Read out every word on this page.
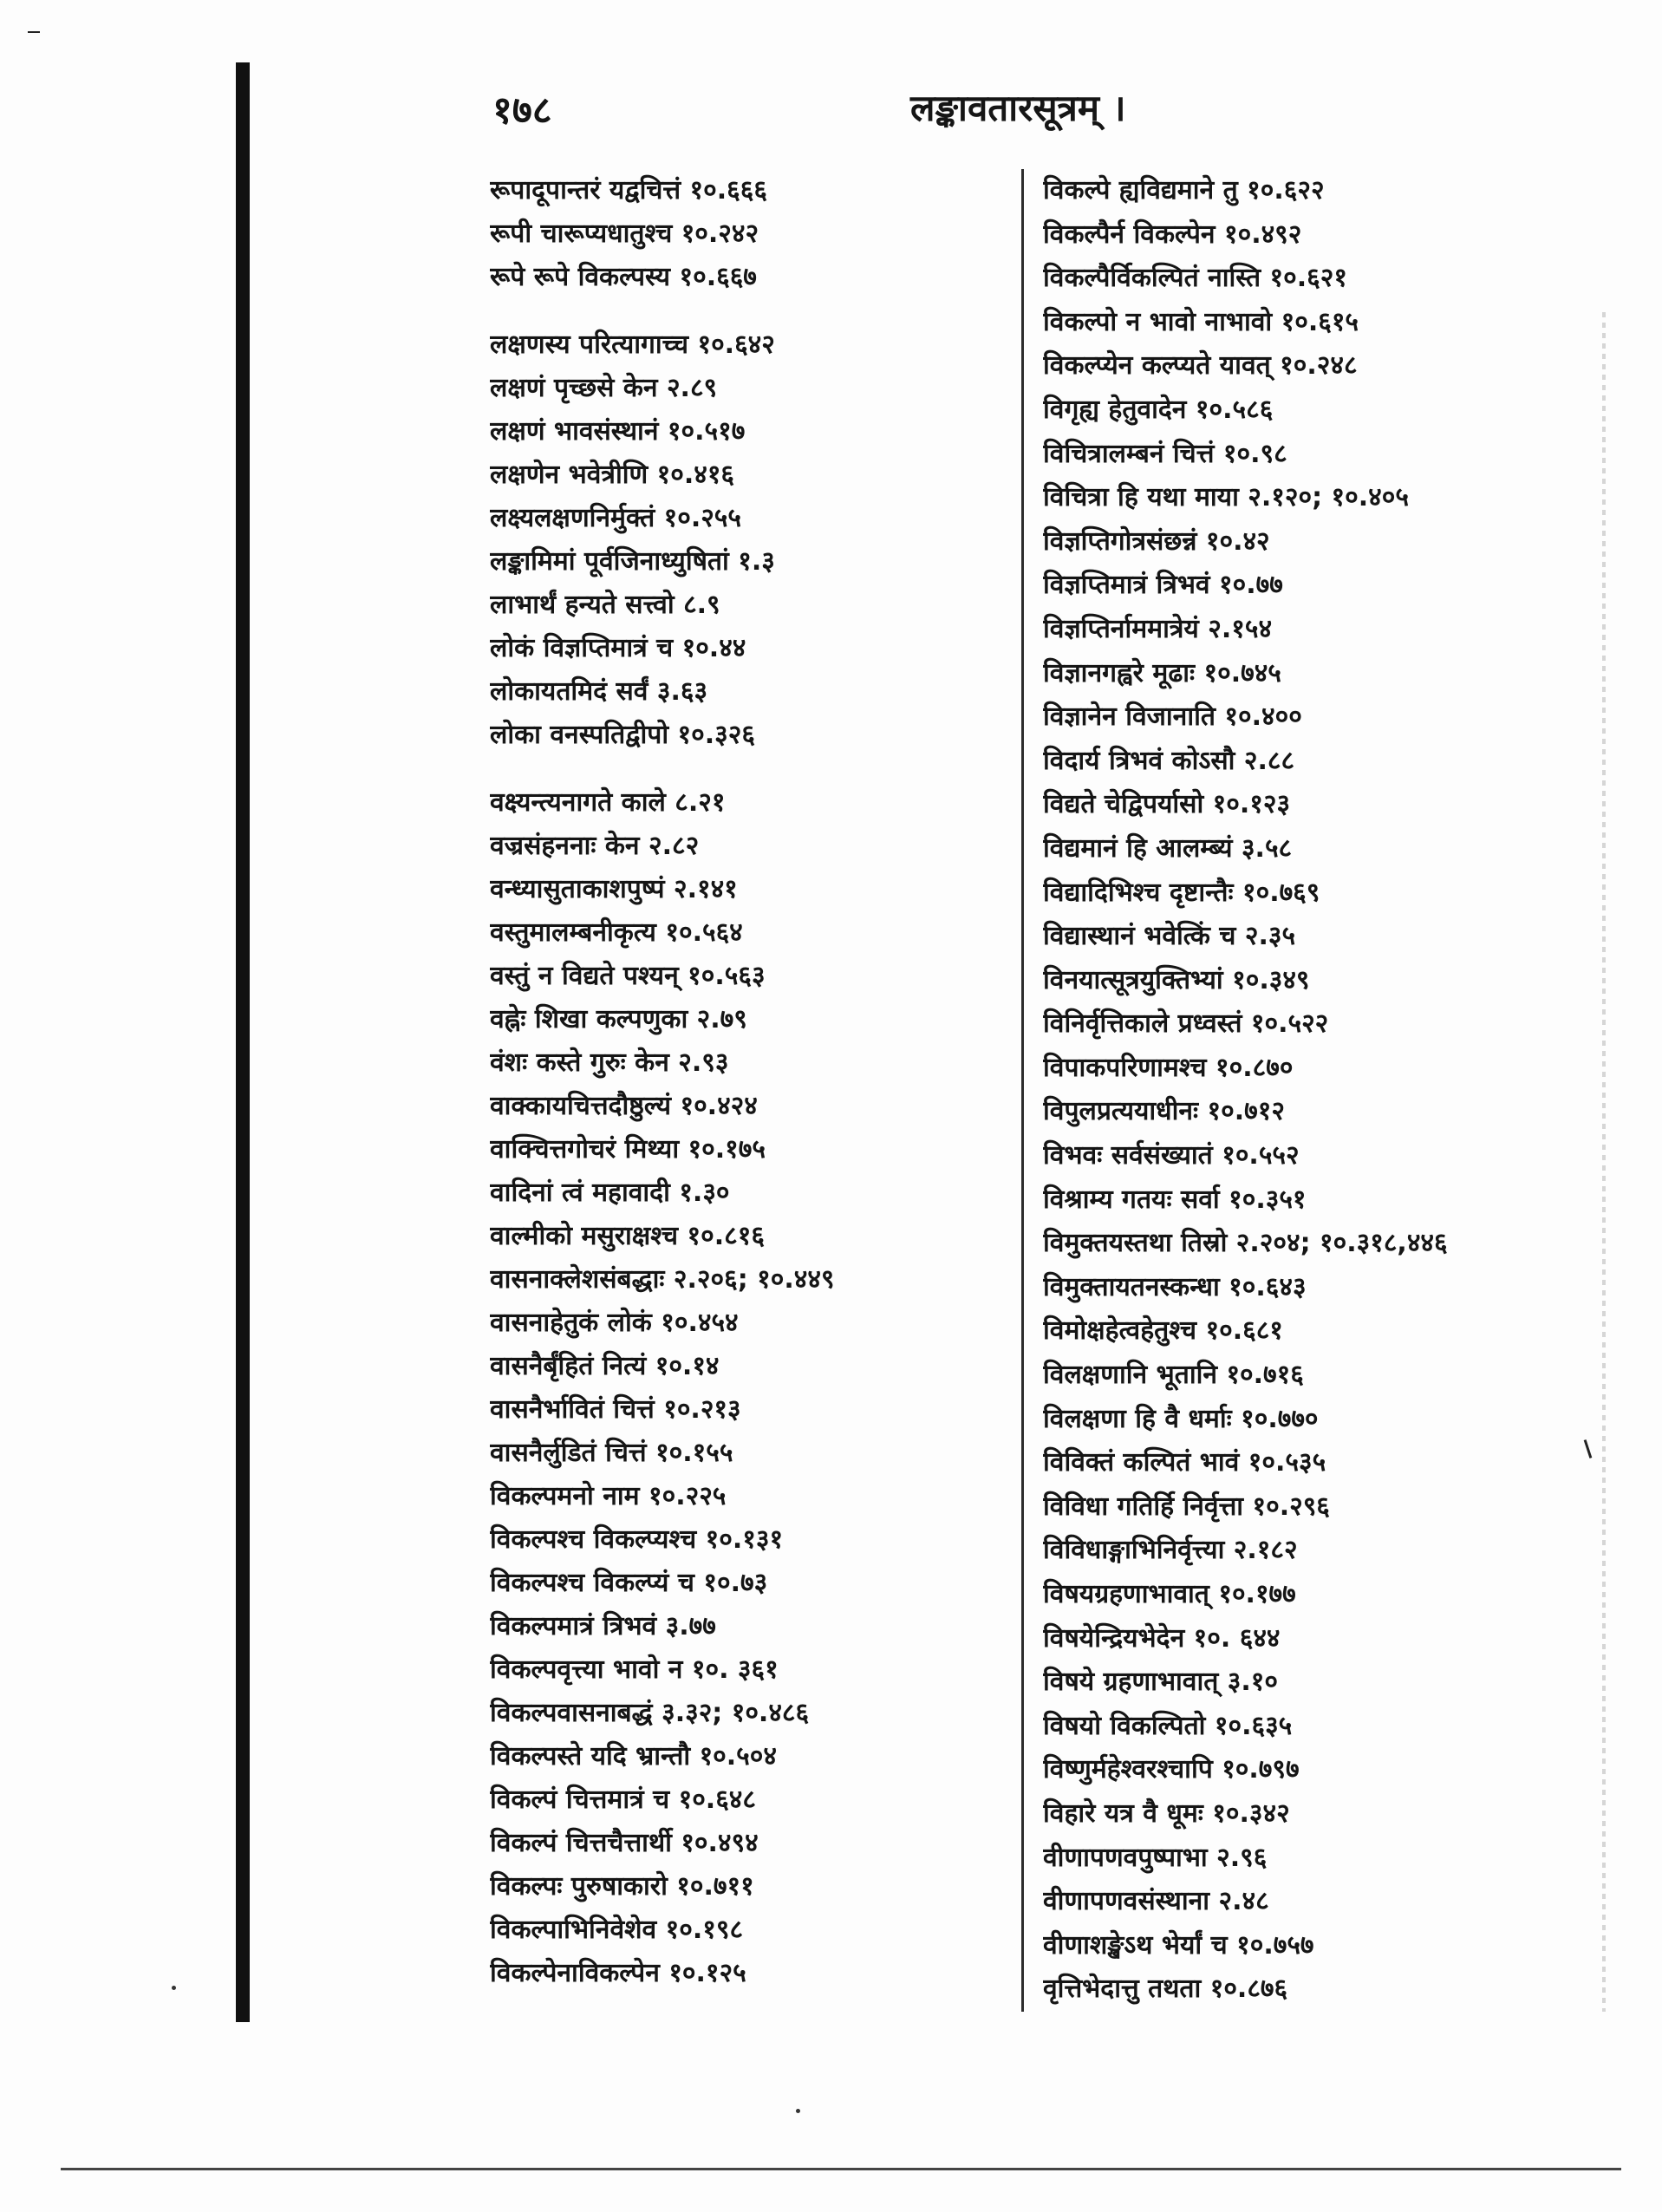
१७८	लङ्कावतारसूत्रम् ।
रूपादूपान्तरं यद्वचित्तं १०.६६६
रूपी चारूप्यधातुश्च १०.२४२
रूपे रूपे विकल्पस्य १०.६६७
लक्षणस्य परित्यागाच्च १०.६४२
लक्षणं पृच्छसे केन २.८९
लक्षणं भावसंस्थानं १०.५१७
लक्षणेन भवेत्रीणि १०.४१६
लक्ष्यलक्षणनिर्मुक्तं १०.२५५
लङ्कामिमां पूर्वजिनाध्युषितां १.३
लाभार्थं हन्यते सत्त्वो ८.९
लोकं विज्ञप्तिमात्रं च १०.४४
लोकायतमिदं सर्वं ३.६३
लोका वनस्पतिद्वीपो १०.३२६
वक्ष्यन्त्यनागते काले ८.२१
वज्रसंहननाः केन २.८२
वन्ध्यासुताकाशपुष्पं २.१४१
वस्तुमालम्बनीकृत्य १०.५६४
वस्तुं न विद्यते पश्यन् १०.५६३
वह्नेः शिखा कल्पणुका २.७९
वंशः कस्ते गुरुः केन २.९३
वाक्कायचित्तदौष्ठुल्यं १०.४२४
वाक्चित्तगोचरं मिथ्या १०.१७५
वादिनां त्वं महावादी १.३०
वाल्मीको मसुराक्षश्च १०.८१६
वासनाक्लेशसंबद्धाः २.२०६; १०.४४९
वासनाहेतुकं लोकं १०.४५४
वासनैर्बृंहितं नित्यं १०.१४
वासनैर्भावितं चित्तं १०.२१३
वासनैर्लुडितं चित्तं १०.१५५
विकल्पमनो नाम १०.२२५
विकल्पश्च विकल्प्यश्च १०.१३१
विकल्पश्च विकल्प्यं च १०.७३
विकल्पमात्रं त्रिभवं ३.७७
विकल्पवृत्त्या भावो न १०. ३६१
विकल्पवासनाबद्धं ३.३२; १०.४८६
विकल्पस्ते यदि भ्रान्तौ १०.५०४
विकल्पं चित्तमात्रं च १०.६४८
विकल्पं चित्तचैत्तार्थी १०.४९४
विकल्पः पुरुषाकारो १०.७११
विकल्पाभिनिवेशेव १०.१९८
विकल्पेनाविकल्पेन १०.१२५
विकल्पे ह्यविद्यमाने तु १०.६२२
विकल्पैर्न विकल्पेन १०.४९२
विकल्पैर्विकल्पितं नास्ति १०.६२१
विकल्पो न भावो नाभावो १०.६१५
विकल्प्येन कल्प्यते यावत् १०.२४८
विगृह्य हेतुवादेन १०.५८६
विचित्रालम्बनं चित्तं १०.९८
विचित्रा हि यथा माया २.१२०; १०.४०५
विज्ञप्तिगोत्रसंछन्नं १०.४२
विज्ञप्तिमात्रं त्रिभवं १०.७७
विज्ञप्तिर्नाममात्रेयं २.१५४
विज्ञानगह्वरे मूढाः १०.७४५
विज्ञानेन विजानाति १०.४००
विदार्य त्रिभवं कोऽसौ २.८८
विद्यते चेद्विपर्यासो १०.१२३
विद्यमानं हि आलम्ब्यं ३.५८
विद्यादिभिश्च दृष्टान्तैः १०.७६९
विद्यास्थानं भवेत्किं च २.३५
विनयात्सूत्रयुक्तिभ्यां १०.३४९
विनिर्वृत्तिकाले प्रध्वस्तं १०.५२२
विपाकपरिणामश्च १०.८७०
विपुलप्रत्ययाधीनः १०.७१२
विभवः सर्वसंख्यातं १०.५५२
विश्राम्य गतयः सर्वा १०.३५१
विमुक्तयस्तथा तिस्रो २.२०४; १०.३१८,४४६
विमुक्तायतनस्कन्धा १०.६४३
विमोक्षहेत्वहेतुश्च १०.६८१
विलक्षणानि भूतानि १०.७१६
विलक्षणा हि वै धर्माः १०.७७०
विविक्तं कल्पितं भावं १०.५३५
विविधा गतिर्हि निर्वृत्ता १०.२९६
विविधाङ्गाभिनिर्वृत्त्या २.१८२
विषयग्रहणाभावात् १०.१७७
विषयेन्द्रियभेदेन १०. ६४४
विषये ग्रहणाभावात् ३.१०
विषयो विकल्पितो १०.६३५
विष्णुर्महेश्वरश्चापि १०.७९७
विहारे यत्र वै धूमः १०.३४२
वीणापणवपुष्पाभा २.९६
वीणापणवसंस्थाना २.४८
वीणाशङ्खेऽथ भेर्यां च १०.७५७
वृत्तिभेदात्तु तथता १०.८७६
